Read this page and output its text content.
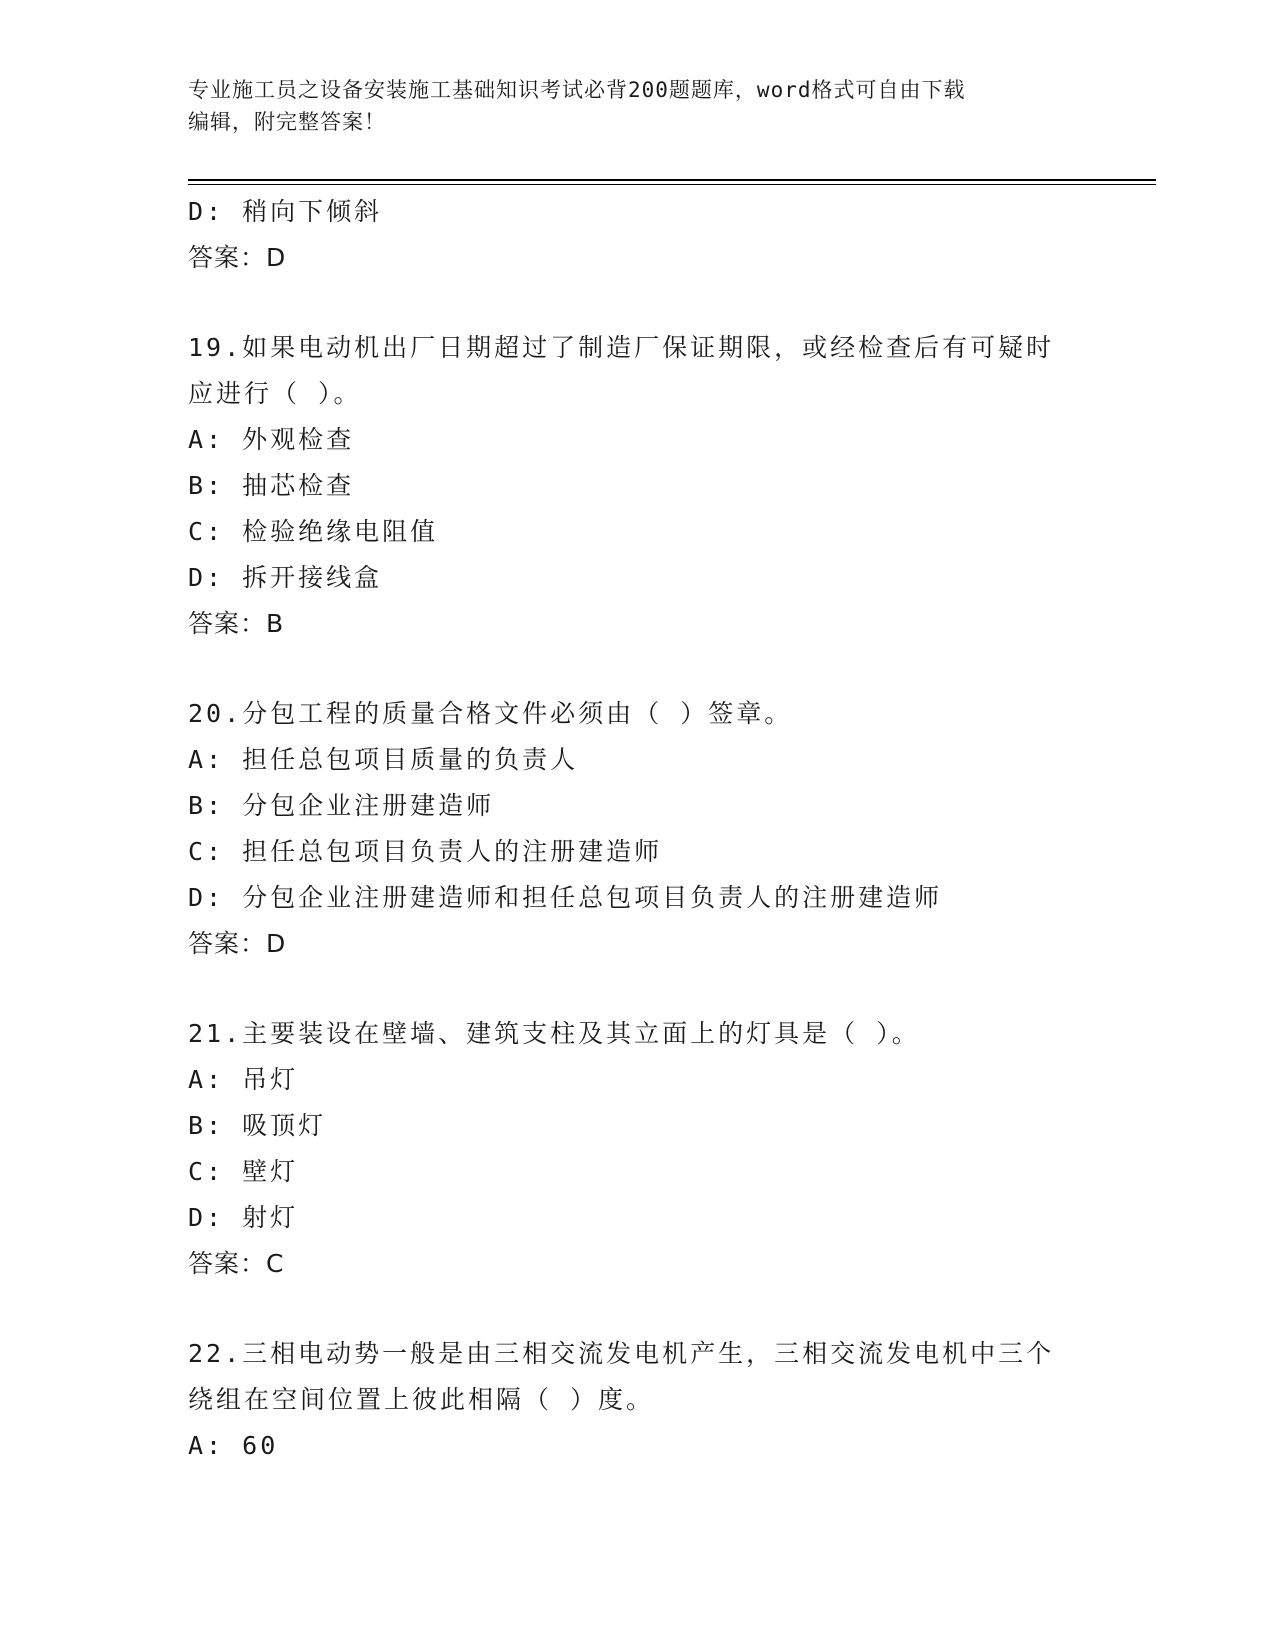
专业施工员之设备安装施工基础知识考试必背200题题库，word格式可自由下载
编辑，附完整答案！
D: 稍向下倾斜
答案：D
19.如果电动机出厂日期超过了制造厂保证期限，或经检查后有可疑时
应进行（ ）。
A: 外观检查
B: 抽芯检查
C: 检验绝缘电阻值
D: 拆开接线盒
答案：B
20.分包工程的质量合格文件必须由（ ）签章。
A: 担任总包项目质量的负责人
B: 分包企业注册建造师
C: 担任总包项目负责人的注册建造师
D: 分包企业注册建造师和担任总包项目负责人的注册建造师
答案：D
21.主要装设在壁墙、建筑支柱及其立面上的灯具是（ ）。
A: 吊灯
B: 吸顶灯
C: 壁灯
D: 射灯
答案：C
22.三相电动势一般是由三相交流发电机产生，三相交流发电机中三个
绕组在空间位置上彼此相隔（ ）度。
A: 60
